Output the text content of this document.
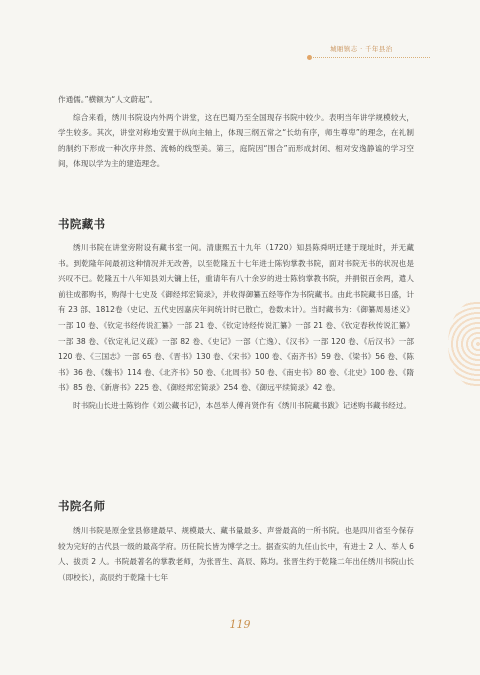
城厢镇志 · 千年县治

作通儒。”横额为“人文蔚起”。

综合来看，绣川书院设内外两个讲堂，这在巴蜀乃至全国现存书院中较少。表明当年讲学规模较大，学生较多。其次，讲堂对称地安置于纵向主轴上，体现三纲五常之“长幼有序，师生尊卑”的理念，在礼制的制约下形成一种次序井然、流畅的线型美。第三，庭院因“围合”而形成封闭、相对安逸静谧的学习空间，体现以学为主的建造理念。

书院藏书

绣川书院在讲堂旁附设有藏书室一间。清康熙五十九年（1720）知县陈舜明迁建于现址时，并无藏书。到乾隆年间最初这种情况并无改善，以至乾隆五十七年进士陈钧掌教书院，面对书院无书的状况也是兴叹不已。乾隆五十八年知县刘大镛上任，重请年有八十余岁的进士陈钧掌教书院，并捐银百余两，遣人前往成都购书，购得十七史及《御经邦宏简录》，并收得御纂五经等作为书院藏书。由此书院藏书日盛，计有 23 部、1812卷（史记、五代史因嘉庆年间统计时已散亡，卷数未计）。当时藏书为：《御纂周易述义》一部 10 卷、《钦定书经传说汇纂》一部 21 卷、《钦定诗经传说汇纂》一部 21 卷、《钦定春秋传说汇纂》一部 38 卷、《钦定礼记义疏》一部 82 卷、《史记》一部（亡逸）、《汉书》一部 120 卷、《后汉书》一部 120 卷、《三国志》一部 65 卷、《晋书》130 卷、《宋书》100 卷、《南齐书》59 卷、《梁书》56 卷、《陈书》36 卷、《魏书》114 卷、《北齐书》50 卷、《北周书》50 卷、《南史书》80 卷、《北史》100 卷、《隋书》85 卷、《新唐书》225 卷、《御经邦宏简录》254 卷、《御远平续简录》42 卷。

时书院山长进士陈钧作《刘公藏书记》，本邑举人傅肖贤作有《绣川书院藏书跋》记述购书藏书经过。

书院名师

绣川书院是原金堂县修建最早、规模最大、藏书量最多、声誉最高的一所书院。也是四川省至今保存较为完好的古代县一级的最高学府。历任院长皆为博学之士。据查实的九任山长中，有进士 2 人、举人 6 人、拔贡 2 人。书院最著名的掌教老师，为张晋生、高辰、陈均。张晋生约于乾隆二年出任绣川书院山长（即校长），高辰约于乾隆十七年

119
